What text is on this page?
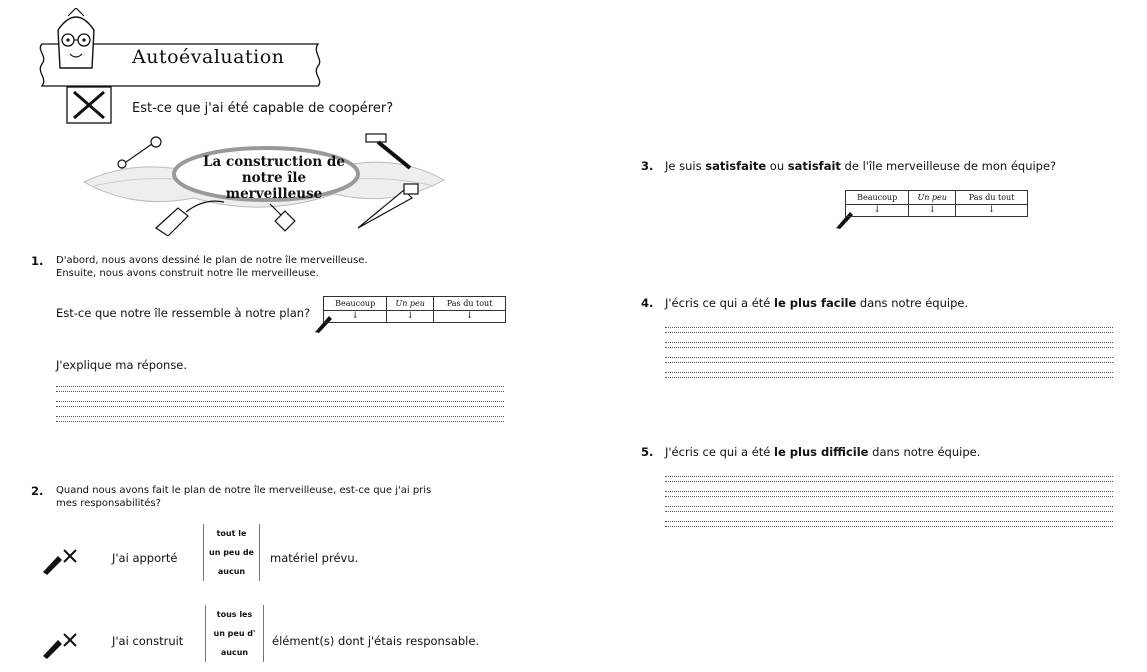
Autoévaluation
Est-ce que j'ai été capable de coopérer?
La construction de
notre île merveilleuse
1. D'abord, nous avons dessiné le plan de notre île merveilleuse.
Ensuite, nous avons construit notre île merveilleuse.
Est-ce que notre île ressemble à notre plan?
Beaucoup	Un peu	Pas du tout
↓	↓	↓
J'explique ma réponse.
2. Quand nous avons fait le plan de notre île merveilleuse, est-ce que j'ai pris
mes responsabilités?
J'ai apporté
tout le
un peu de
aucun
matériel prévu.
J'ai construit
tous les
un peu d'
aucun
élément(s) dont j'étais responsable.
3. Je suis satisfaite ou satisfait de l'île merveilleuse de mon équipe?
Beaucoup	Un peu	Pas du tout
↓	↓	↓
4. J'écris ce qui a été le plus facile dans notre équipe.
5. J'écris ce qui a été le plus difficile dans notre équipe.
